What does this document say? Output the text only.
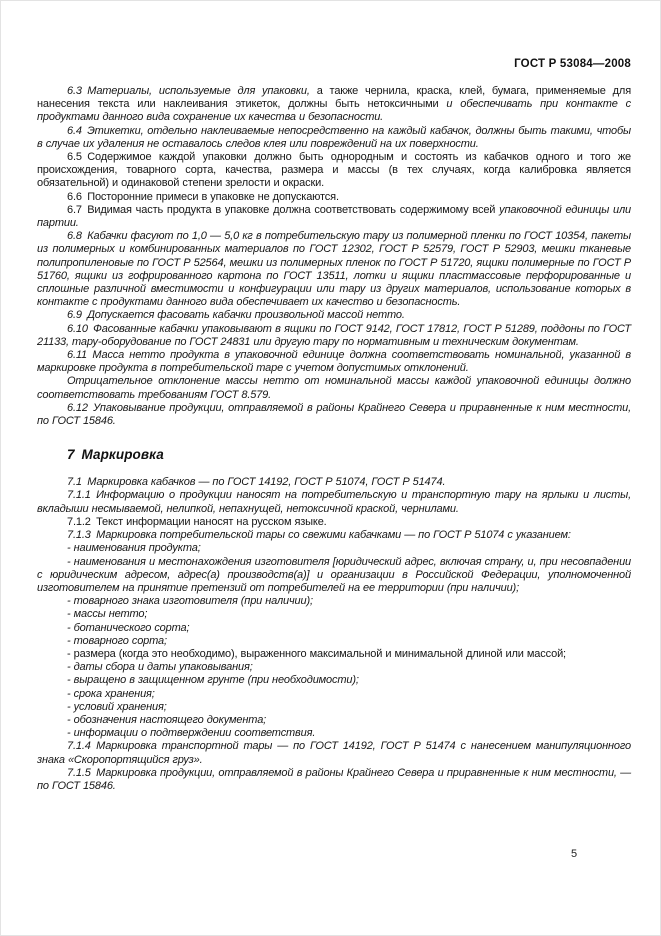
ГОСТ Р 53084—2008

6.3 Материалы, используемые для упаковки, а также чернила, краска, клей, бумага, применяемые для нанесения текста или наклеивания этикеток, должны быть нетоксичными и обеспечивать при контакте с продуктами данного вида сохранение их качества и безопасности.

6.4 Этикетки, отдельно наклеиваемые непосредственно на каждый кабачок, должны быть такими, чтобы в случае их удаления не оставалось следов клея или повреждений на их поверхности.

6.5 Содержимое каждой упаковки должно быть однородным и состоять из кабачков одного и того же происхождения, товарного сорта, качества, размера и массы (в тех случаях, когда калибровка является обязательной) и одинаковой степени зрелости и окраски.

6.6 Посторонние примеси в упаковке не допускаются.

6.7 Видимая часть продукта в упаковке должна соответствовать содержимому всей упаковочной единицы или партии.

6.8 Кабачки фасуют по 1,0 — 5,0 кг в потребительскую тару из полимерной пленки по ГОСТ 10354, пакеты из полимерных и комбинированных материалов по ГОСТ 12302, ГОСТ Р 52579, ГОСТ Р 52903, мешки тканевые полипропиленовые по ГОСТ Р 52564, мешки из полимерных пленок по ГОСТ Р 51720, ящики полимерные по ГОСТ Р 51760, ящики из гофрированного картона по ГОСТ 13511, лотки и ящики пластмассовые перфорированные и сплошные различной вместимости и конфигурации или тару из других материалов, использование которых в контакте с продуктами данного вида обеспечивает их качество и безопасность.

6.9 Допускается фасовать кабачки произвольной массой нетто.

6.10 Фасованные кабачки упаковывают в ящики по ГОСТ 9142, ГОСТ 17812, ГОСТ Р 51289, поддоны по ГОСТ 21133, тару-оборудование по ГОСТ 24831 или другую тару по нормативным и техническим документам.

6.11 Масса нетто продукта в упаковочной единице должна соответствовать номинальной, указанной в маркировке продукта в потребительской таре с учетом допустимых отклонений.

Отрицательное отклонение массы нетто от номинальной массы каждой упаковочной единицы должно соответствовать требованиям ГОСТ 8.579.

6.12 Упаковывание продукции, отправляемой в районы Крайнего Севера и приравненные к ним местности, по ГОСТ 15846.

7 Маркировка

7.1 Маркировка кабачков — по ГОСТ 14192, ГОСТ Р 51074, ГОСТ Р 51474.

7.1.1 Информацию о продукции наносят на потребительскую и транспортную тару на ярлыки и листы, вкладыши несмываемой, нелипкой, непахнущей, нетоксичной краской, чернилами.

7.1.2 Текст информации наносят на русском языке.

7.1.3 Маркировка потребительской тары со свежими кабачками — по ГОСТ Р 51074 с указанием:

- наименования продукта;

- наименования и местонахождения изготовителя [юридический адрес, включая страну, и, при несовпадении с юридическим адресом, адрес(а) производств(а)] и организации в Российской Федерации, уполномоченной изготовителем на принятие претензий от потребителей на ее территории (при наличии);

- товарного знака изготовителя (при наличии);

- массы нетто;

- ботанического сорта;

- товарного сорта;

- размера (когда это необходимо), выраженного максимальной и минимальной длиной или массой;

- даты сбора и даты упаковывания;

- выращено в защищенном грунте (при необходимости);

- срока хранения;

- условий хранения;

- обозначения настоящего документа;

- информации о подтверждении соответствия.

7.1.4 Маркировка транспортной тары — по ГОСТ 14192, ГОСТ Р 51474 с нанесением манипуляционного знака «Скоропортящийся груз».

7.1.5 Маркировка продукции, отправляемой в районы Крайнего Севера и приравненные к ним местности, — по ГОСТ 15846.

5
